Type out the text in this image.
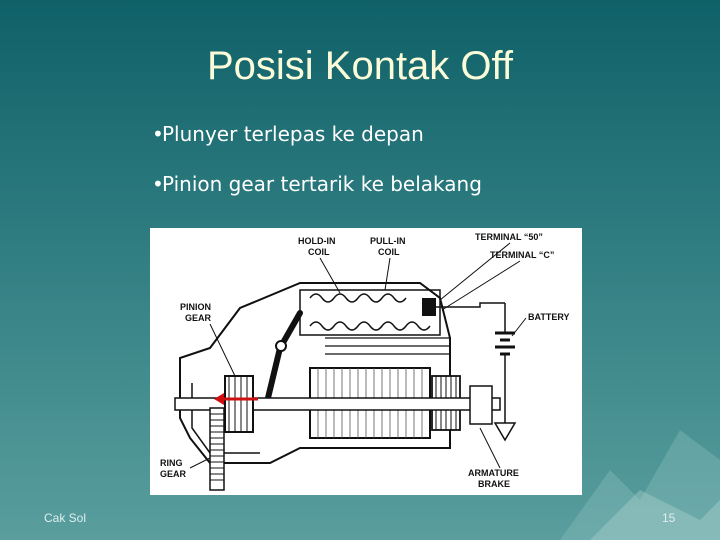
Posisi Kontak Off
•Plunyer terlepas ke depan
•Pinion gear tertarik ke belakang
HOLD-IN
COIL
PULL-IN
COIL
TERMINAL “50”
TERMINAL “C”
PINION
GEAR	BATTERY
RING
GEAR	ARMATURE
BRAKE
Cak Sol	15
